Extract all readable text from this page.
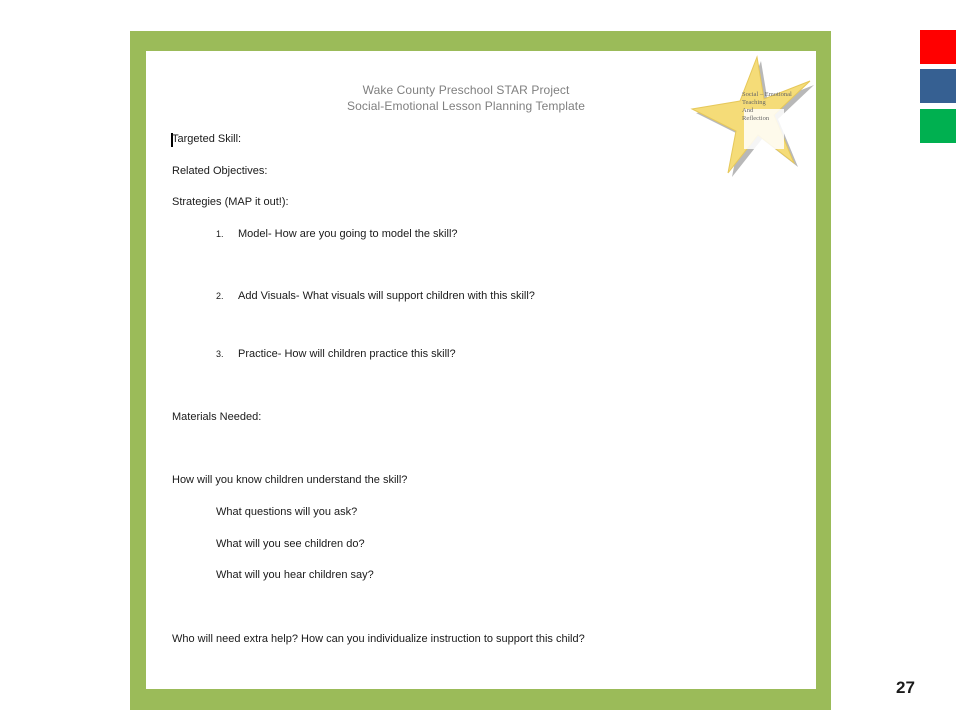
Wake County Preschool STAR Project
Social-Emotional Lesson Planning Template
Social – Emotional
Teaching
And
Reflection
Targeted Skill:
Related Objectives:
Strategies (MAP it out!):
1. Model- How are you going to model the skill?
2. Add Visuals- What visuals will support children with this skill?
3. Practice- How will children practice this skill?
Materials Needed:
How will you know children understand the skill?
What questions will you ask?
What will you see children do?
What will you hear children say?
Who will need extra help? How can you individualize instruction to support this child?
27
